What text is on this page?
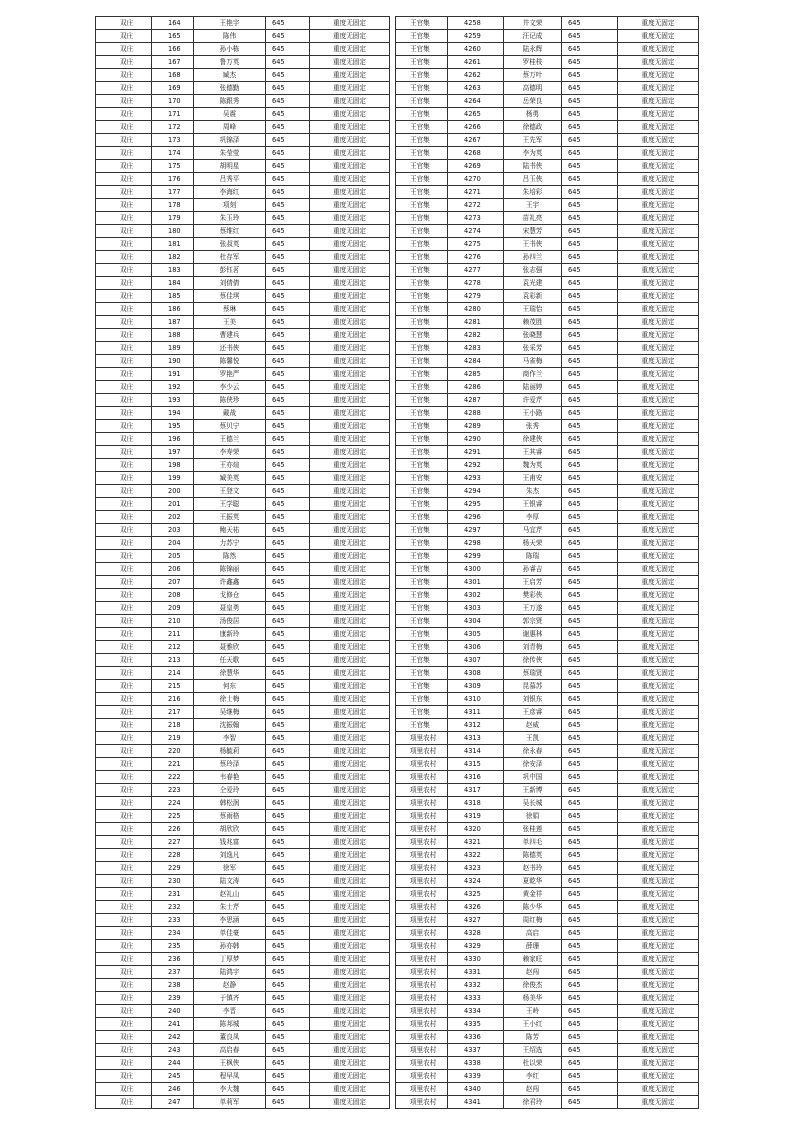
双庄	164	王艳宇	645	重度无固定
双庄	165	陈伟	645	重度无固定
双庄	166	孙小栋	645	重度无固定
双庄	167	鲁万英	645	重度无固定
双庄	168	臧杰	645	重度无固定
双庄	169	张德勤	645	重度无固定
双庄	170	陈跟秀	645	重度无固定
双庄	171	吴震	645	重度无固定
双庄	172	周峰	645	重度无固定
双庄	173	巩锦泽	645	重度无固定
双庄	174	朱莹莹	645	重度无固定
双庄	175	胡明星	645	重度无固定
双庄	176	吕秀平	645	重度无固定
双庄	177	李海红	645	重度无固定
双庄	178	项刻	645	重度无固定
双庄	179	朱玉玲	645	重度无固定
双庄	180	蔡维红	645	重度无固定
双庄	181	张叔英	645	重度无固定
双庄	182	杜存军	645	重度无固定
双庄	183	彭钰茗	645	重度无固定
双庄	184	刘倩倩	645	重度无固定
双庄	185	蔡佳琪	645	重度无固定
双庄	186	蔡琳	645	重度无固定
双庄	187	王美	645	重度无固定
双庄	188	曹建兵	645	重度无固定
双庄	189	还书侠	645	重度无固定
双庄	190	陈馨悦	645	重度无固定
双庄	191	罗艳严	645	重度无固定
双庄	192	李少云	645	重度无固定
双庄	193	陈侠珍	645	重度无固定
双庄	194	戴战	645	重度无固定
双庄	195	蔡贝宁	645	重度无固定
双庄	196	王德兰	645	重度无固定
双庄	197	李寿荣	645	重度无固定
双庄	198	王亦煊	645	重度无固定
双庄	199	臧美英	645	重度无固定
双庄	200	王登文	645	重度无固定
双庄	201	王学聪	645	重度无固定
双庄	202	王振英	645	重度无固定
双庄	203	鲍天祐	645	重度无固定
双庄	204	力苏宁	645	重度无固定
双庄	205	陈然	645	重度无固定
双庄	206	陈锦丽	645	重度无固定
双庄	207	许鑫鑫	645	重度无固定
双庄	208	戈修仓	645	重度无固定
双庄	209	聂皇勇	645	重度无固定
双庄	210	汤俊居	645	重度无固定
双庄	211	康新玲	645	重度无固定
双庄	212	聂雅欣	645	重度无固定
双庄	213	任天歌	645	重度无固定
双庄	214	徐慧华	645	重度无固定
双庄	215	何东	645	重度无固定
双庄	216	徐士梅	645	重度无固定
双庄	217	吴继梅	645	重度无固定
双庄	218	沈振翰	645	重度无固定
双庄	219	李智	645	重度无固定
双庄	220	杨毓莉	645	重度无固定
双庄	221	蔡玲泽	645	重度无固定
双庄	222	韦春艳	645	重度无固定
双庄	223	仝爱玲	645	重度无固定
双庄	224	韩松润	645	重度无固定
双庄	225	蔡雨格	645	重度无固定
双庄	226	胡欣欣	645	重度无固定
双庄	227	钱兆富	645	重度无固定
双庄	228	刘逸凡	645	重度无固定
双庄	229	徐军	645	重度无固定
双庄	230	陆文涛	645	重度无固定
双庄	231	赵礼山	645	重度无固定
双庄	232	朱士芹	645	重度无固定
双庄	233	李思涵	645	重度无固定
双庄	234	单佳豪	645	重度无固定
双庄	235	孙亦韩	645	重度无固定
双庄	236	丁厚梦	645	重度无固定
双庄	237	陆鸿宇	645	重度无固定
双庄	238	赵静	645	重度无固定
双庄	239	于镇齐	645	重度无固定
双庄	240	李晋	645	重度无固定
双庄	241	陈邦城	645	重度无固定
双庄	242	董良凤	645	重度无固定
双庄	243	高启春	645	重度无固定
双庄	244	王枫侠	645	重度无固定
双庄	245	程早凤	645	重度无固定
双庄	246	李大魏	645	重度无固定
双庄	247	单莉军	645	重度无固定
王官集	4258	井文荣	645	重度无固定
王官集	4259	汪记成	645	重度无固定
王官集	4260	陆永辉	645	重度无固定
王官集	4261	罗桂枝	645	重度无固定
王官集	4262	蔡万叶	645	重度无固定
王官集	4263	高德明	645	重度无固定
王官集	4264	岳荣良	645	重度无固定
王官集	4265	杨勇	645	重度无固定
王官集	4266	徐德政	645	重度无固定
王官集	4267	王先军	645	重度无固定
王官集	4268	李为英	645	重度无固定
王官集	4269	陆书侠	645	重度无固定
王官集	4270	吕玉侠	645	重度无固定
王官集	4271	朱培彩	645	重度无固定
王官集	4272	王宇	645	重度无固定
王官集	4273	苗礼亮	645	重度无固定
王官集	4274	宋慧芳	645	重度无固定
王官集	4275	王书侠	645	重度无固定
王官集	4276	孙四兰	645	重度无固定
王官集	4277	张志强	645	重度无固定
王官集	4278	袁光建	645	重度无固定
王官集	4279	袁彩新	645	重度无固定
王官集	4280	王瑞怡	645	重度无固定
王官集	4281	赖茂胜	645	重度无固定
王官集	4282	张晓慧	645	重度无固定
王官集	4283	张采芳	645	重度无固定
王官集	4284	马雀梅	645	重度无固定
王官集	4285	商作兰	645	重度无固定
王官集	4286	陆丽婷	645	重度无固定
王官集	4287	许爱芹	645	重度无固定
王官集	4288	王小路	645	重度无固定
王官集	4289	张秀	645	重度无固定
王官集	4290	徐建侠	645	重度无固定
王官集	4291	王其睿	645	重度无固定
王官集	4292	魏为英	645	重度无固定
王官集	4293	王甫安	645	重度无固定
王官集	4294	朱杰	645	重度无固定
王官集	4295	王银睿	645	重度无固定
王官集	4296	李厚	645	重度无固定
王官集	4297	马宜芹	645	重度无固定
王官集	4298	杨天荣	645	重度无固定
王官集	4299	陈瑞	645	重度无固定
王官集	4300	孙睿吉	645	重度无固定
王官集	4301	王启芳	645	重度无固定
王官集	4302	樊彩侠	645	重度无固定
王官集	4303	王万遂	645	重度无固定
王官集	4304	郭宗贤	645	重度无固定
王官集	4305	谢惠林	645	重度无固定
王官集	4306	刘青梅	645	重度无固定
王官集	4307	徐传侠	645	重度无固定
王官集	4308	蔡瑞贤	645	重度无固定
王官集	4309	昆慕苏	645	重度无固定
王官集	4310	刘银东	645	重度无固定
王官集	4311	王彦睿	645	重度无固定
王官集	4312	赵威	645	重度无固定
项里农村	4313	王凯	645	重度无固定
项里农村	4314	徐永春	645	重度无固定
项里农村	4315	徐安泽	645	重度无固定
项里农村	4316	巩中国	645	重度无固定
项里农村	4317	王新博	645	重度无固定
项里农村	4318	吴长城	645	重度无固定
项里农村	4319	徐娟	645	重度无固定
项里农村	4320	张桂莲	645	重度无固定
项里农村	4321	单四毛	645	重度无固定
项里农村	4322	陈德英	645	重度无固定
项里农村	4323	赵书玲	645	重度无固定
项里农村	4324	夏乾华	645	重度无固定
项里农村	4325	黄金祥	645	重度无固定
项里农村	4326	陈少华	645	重度无固定
项里农村	4327	周红梅	645	重度无固定
项里农村	4328	高启	645	重度无固定
项里农村	4329	薛珊	645	重度无固定
项里农村	4330	赖家旺	645	重度无固定
项里农村	4331	赵闯	645	重度无固定
项里农村	4332	徐俊杰	645	重度无固定
项里农村	4333	杨美华	645	重度无固定
项里农村	4334	王岭	645	重度无固定
项里农村	4335	王小红	645	重度无固定
项里农村	4336	陈芳	645	重度无固定
项里农村	4337	王绍选	645	重度无固定
项里农村	4338	杜以荣	645	重度无固定
项里农村	4339	李红	645	重度无固定
项里农村	4340	赵闯	645	重度无固定
项里农村	4341	徐君玲	645	重度无固定
